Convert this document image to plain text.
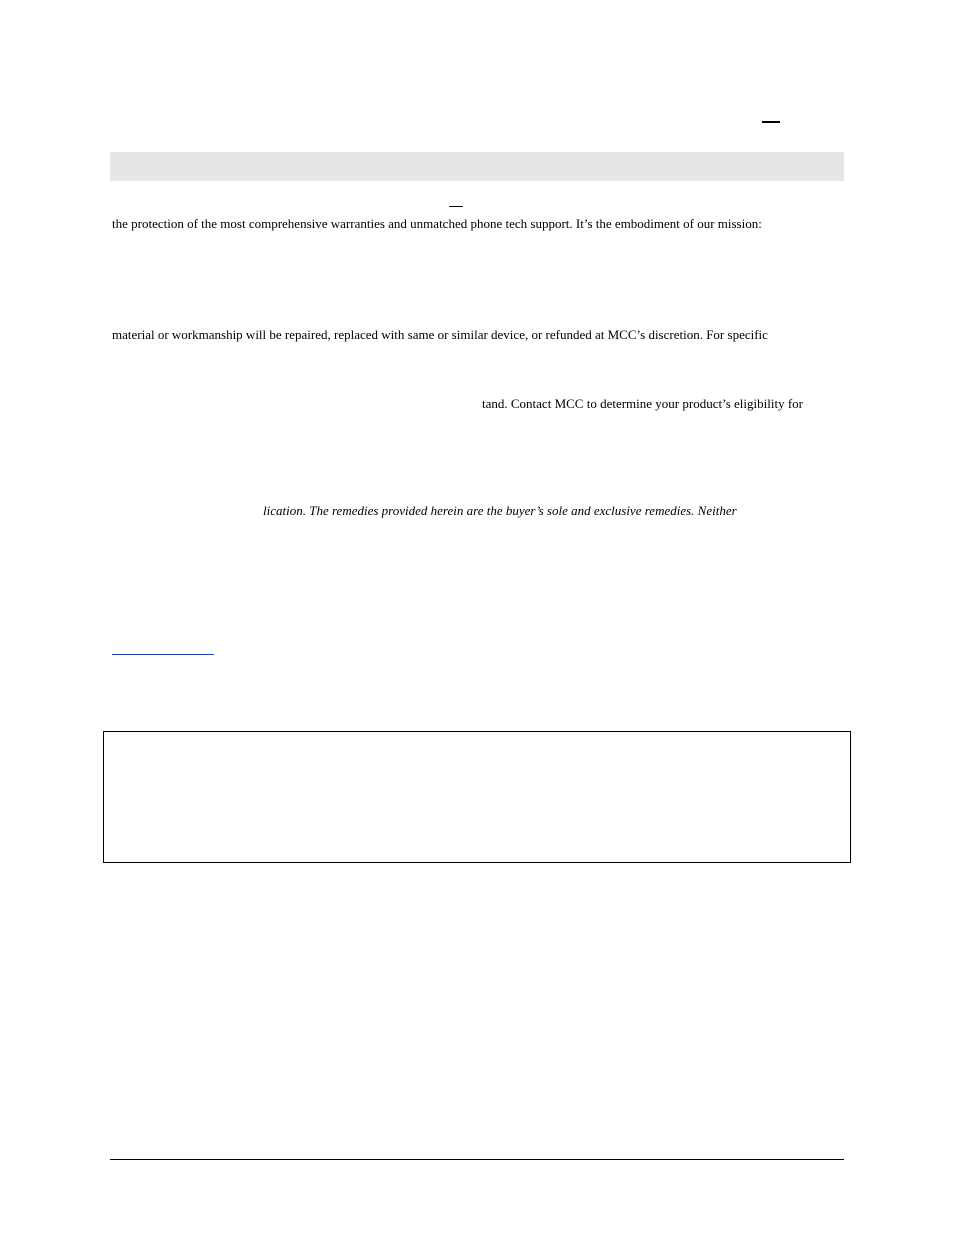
the protection of the most comprehensive warranties and unmatched phone tech support. It’s the embodiment of our mission:
material or workmanship will be repaired, replaced with same or similar device, or refunded at MCC’s discretion. For specific
tand. Contact MCC to determine your product’s eligibility for
lication. The remedies provided herein are the buyer’s sole and exclusive remedies. Neither
